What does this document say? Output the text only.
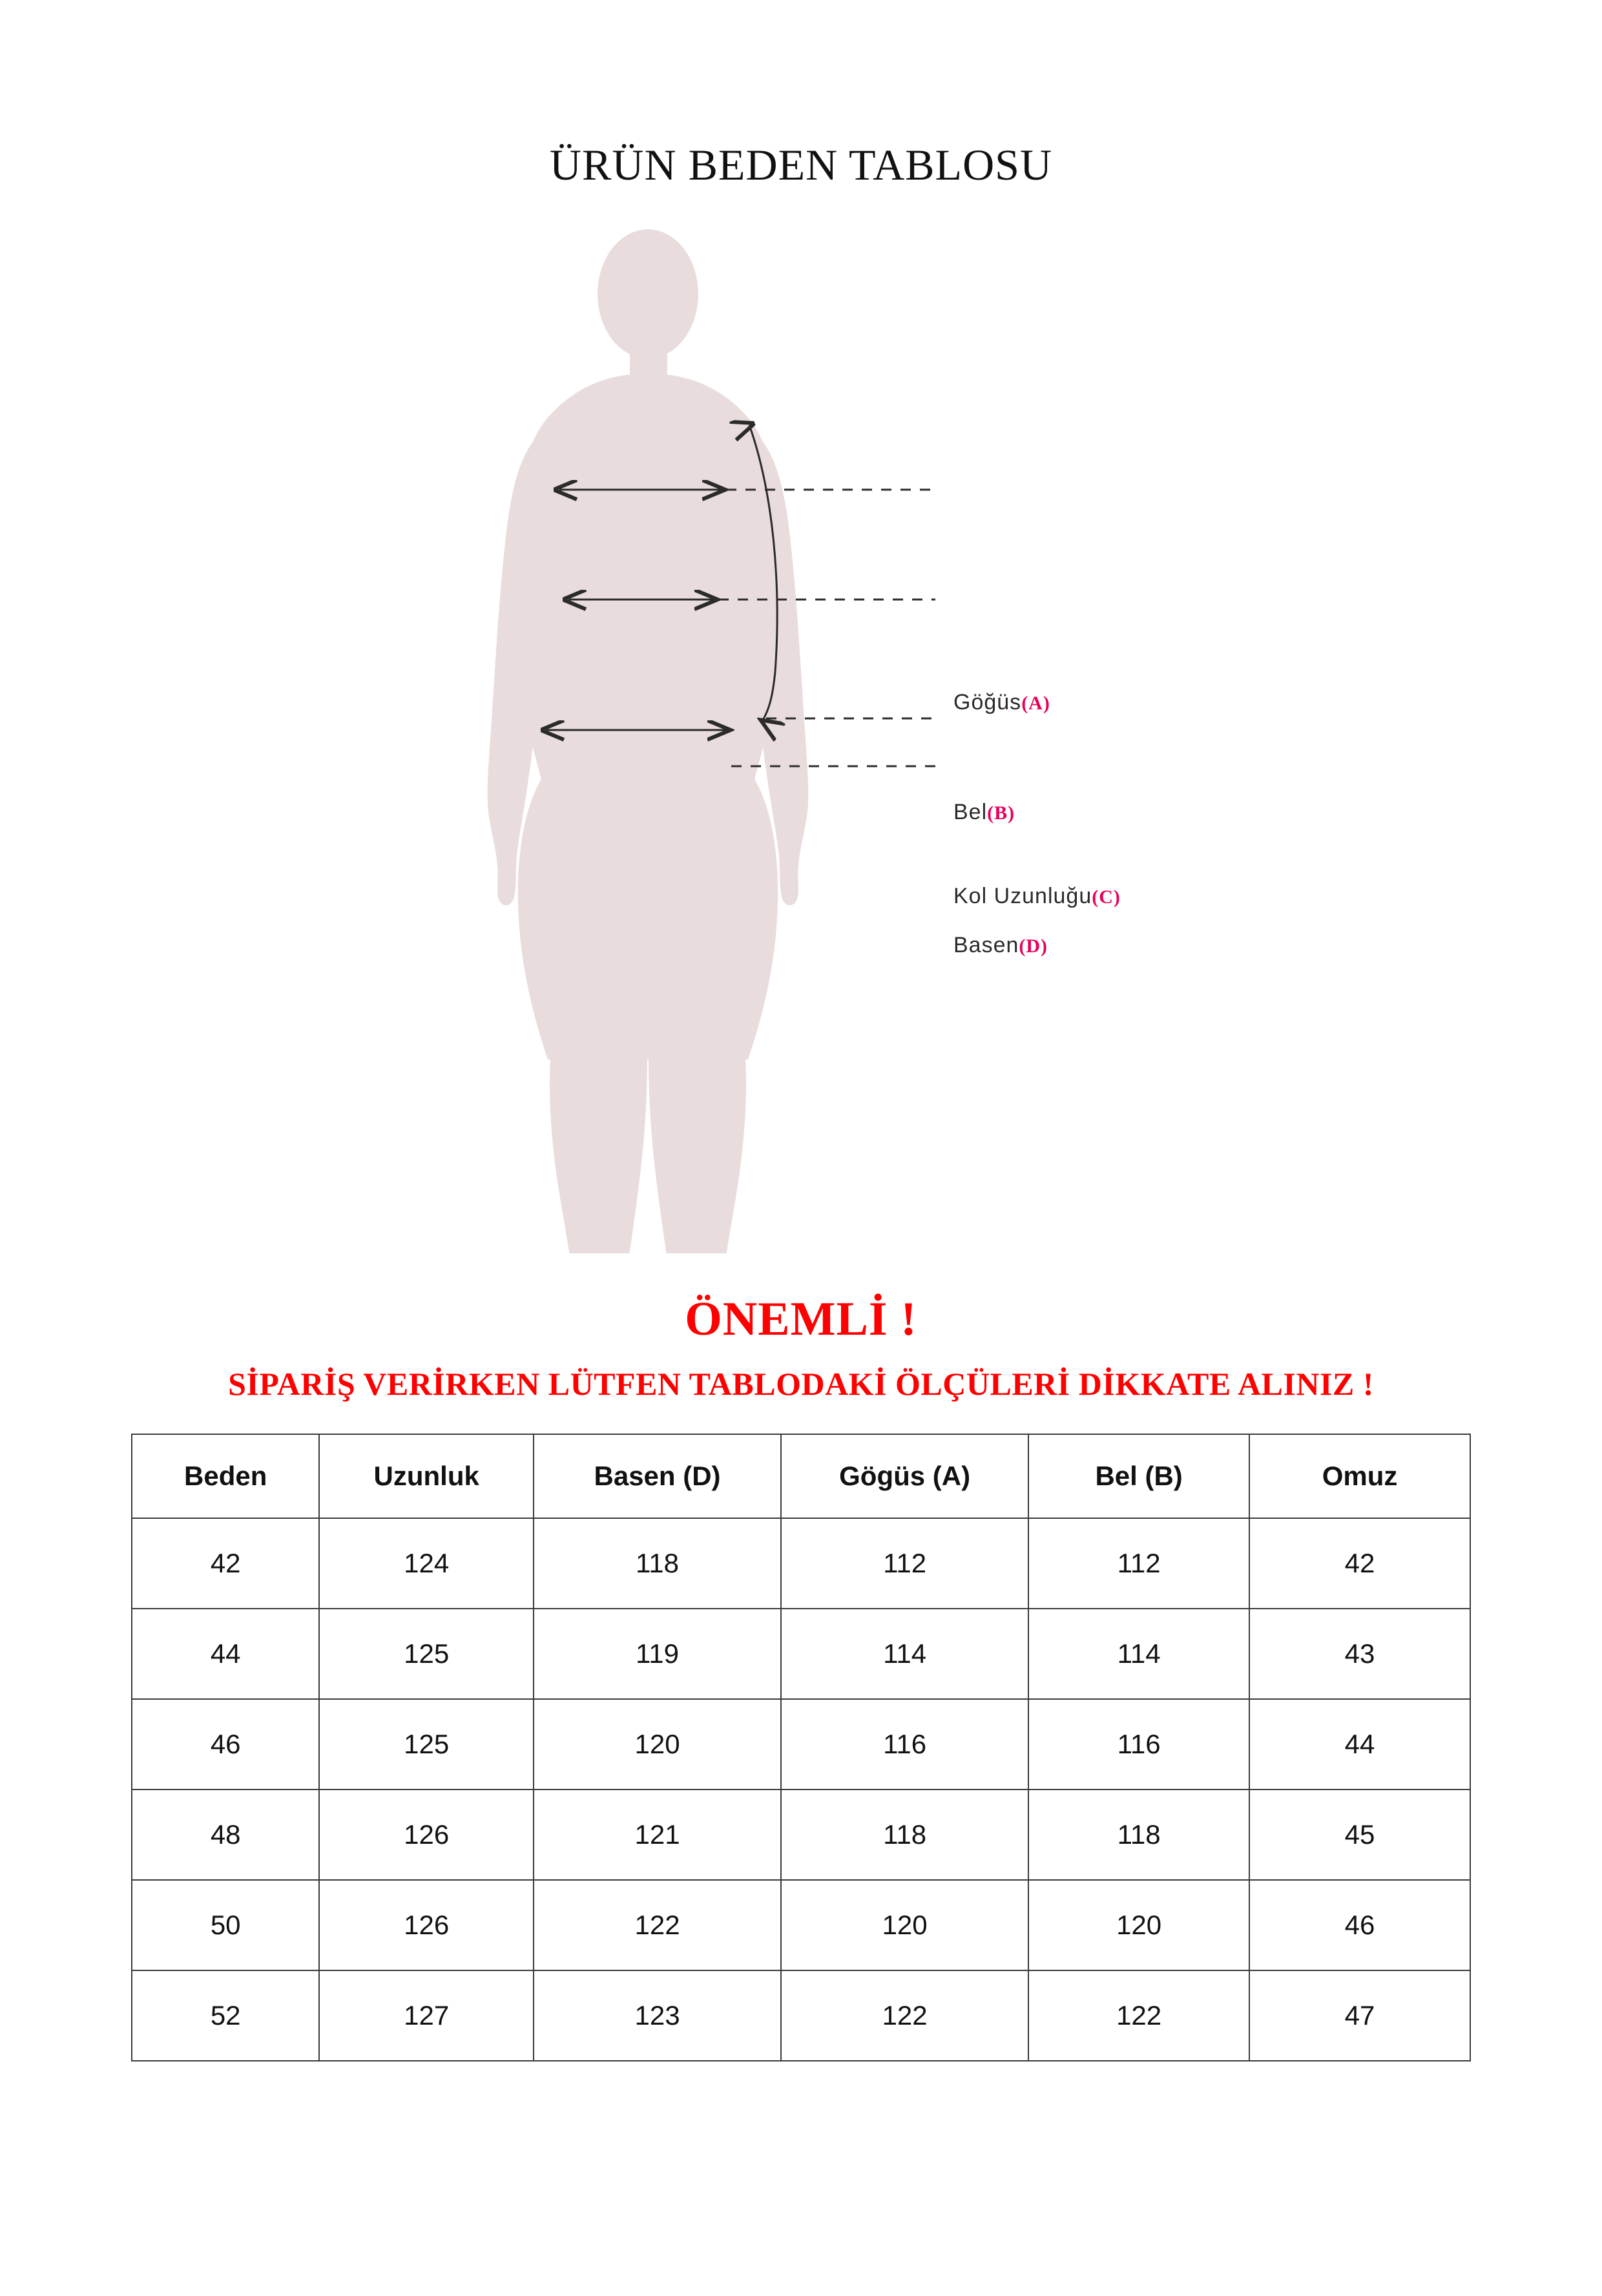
ÜRÜN BEDEN TABLOSU
Göğüs(A)
Bel(B)
Kol Uzunluğu(C)
Basen(D)
ÖNEMLİ !
SİPARİŞ VERİRKEN LÜTFEN TABLODAKİ ÖLÇÜLERİ DİKKATE ALINIZ !
Beden	Uzunluk	Basen (D)	Gögüs (A)	Bel (B)	Omuz
42	124	118	112	112	42
44	125	119	114	114	43
46	125	120	116	116	44
48	126	121	118	118	45
50	126	122	120	120	46
52	127	123	122	122	47
